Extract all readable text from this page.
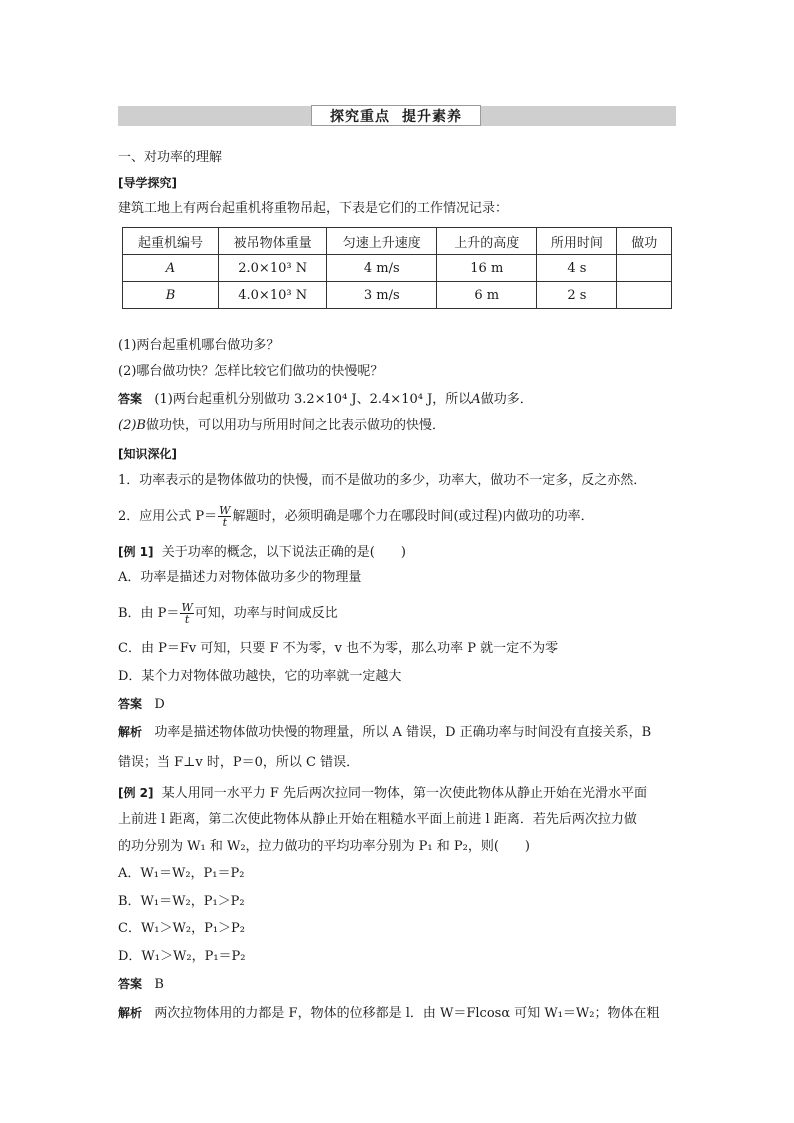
探究重点 提升素养
一、对功率的理解
[导学探究]
建筑工地上有两台起重机将重物吊起，下表是它们的工作情况记录：
起重机编号	被吊物体重量	匀速上升速度	上升的高度	所用时间	做功
A	2.0×10³ N	4 m/s	16 m	4 s	
B	4.0×10³ N	3 m/s	6 m	2 s	
(1)两台起重机哪台做功多？
(2)哪台做功快？怎样比较它们做功的快慢呢？
答案 (1)两台起重机分别做功 3.2×10⁴ J、2.4×10⁴ J，所以A做功多．
(2)B做功快，可以用功与所用时间之比表示做功的快慢．
[知识深化]
1．功率表示的是物体做功的快慢，而不是做功的多少，功率大，做功不一定多，反之亦然．
2．应用公式 $P= \frac{W}{t}$ 解题时，必须明确是哪个力在哪段时间(或过程)内做功的功率．
[例 1] 关于功率的概念，以下说法正确的是(　　)
A．功率是描述力对物体做功多少的物理量
B．由 $P= \frac{W}{t}$ 可知，功率与时间成反比
C．由 P＝Fv 可知，只要 F 不为零，v 也不为零，那么功率 P 就一定不为零
D．某个力对物体做功越快，它的功率就一定越大
答案 D
解析 功率是描述物体做功快慢的物理量，所以 A 错误，D 正确功率与时间没有直接关系，B
错误；当 F⊥v 时，P＝0，所以 C 错误．
[例 2] 某人用同一水平力 F 先后两次拉同一物体，第一次使此物体从静止开始在光滑水平面
上前进 l 距离，第二次使此物体从静止开始在粗糙水平面上前进 l 距离．若先后两次拉力做
的功分别为 W₁ 和 W₂，拉力做功的平均功率分别为 P₁ 和 P₂，则(　　)
A．W₁＝W₂，P₁＝P₂
B．W₁＝W₂，P₁＞P₂
C．W₁＞W₂，P₁＞P₂
D．W₁＞W₂，P₁＝P₂
答案 B
解析 两次拉物体用的力都是 F，物体的位移都是 l．由 W＝Flcosα 可知 W₁＝W₂；物体在粗
